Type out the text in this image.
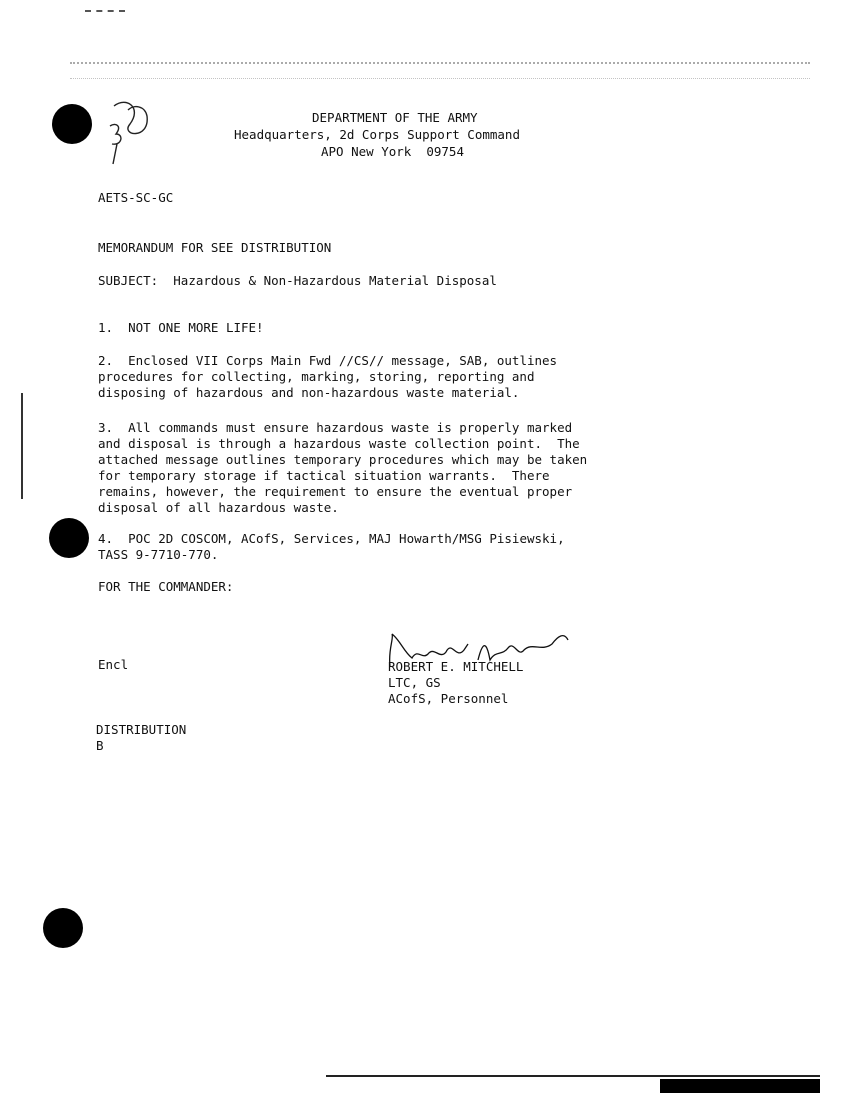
DEPARTMENT OF THE ARMY
Headquarters, 2d Corps Support Command
APO New York  09754
AETS-SC-GC
MEMORANDUM FOR SEE DISTRIBUTION
SUBJECT: Hazardous & Non-Hazardous Material Disposal
1. NOT ONE MORE LIFE!
2. Enclosed VII Corps Main Fwd //CS// message, SAB, outlines
procedures for collecting, marking, storing, reporting and
disposing of hazardous and non-hazardous waste material.
3. All commands must ensure hazardous waste is properly marked
and disposal is through a hazardous waste collection point.  The
attached message outlines temporary procedures which may be taken
for temporary storage if tactical situation warrants.  There
remains, however, the requirement to ensure the eventual proper
disposal of all hazardous waste.
4. POC 2D COSCOM, ACofS, Services, MAJ Howarth/MSG Pisiewski,
TASS 9-7710-770.
FOR THE COMMANDER:
Encl	ROBERT E. MITCHELL
LTC, GS
ACofS, Personnel
DISTRIBUTION
B
